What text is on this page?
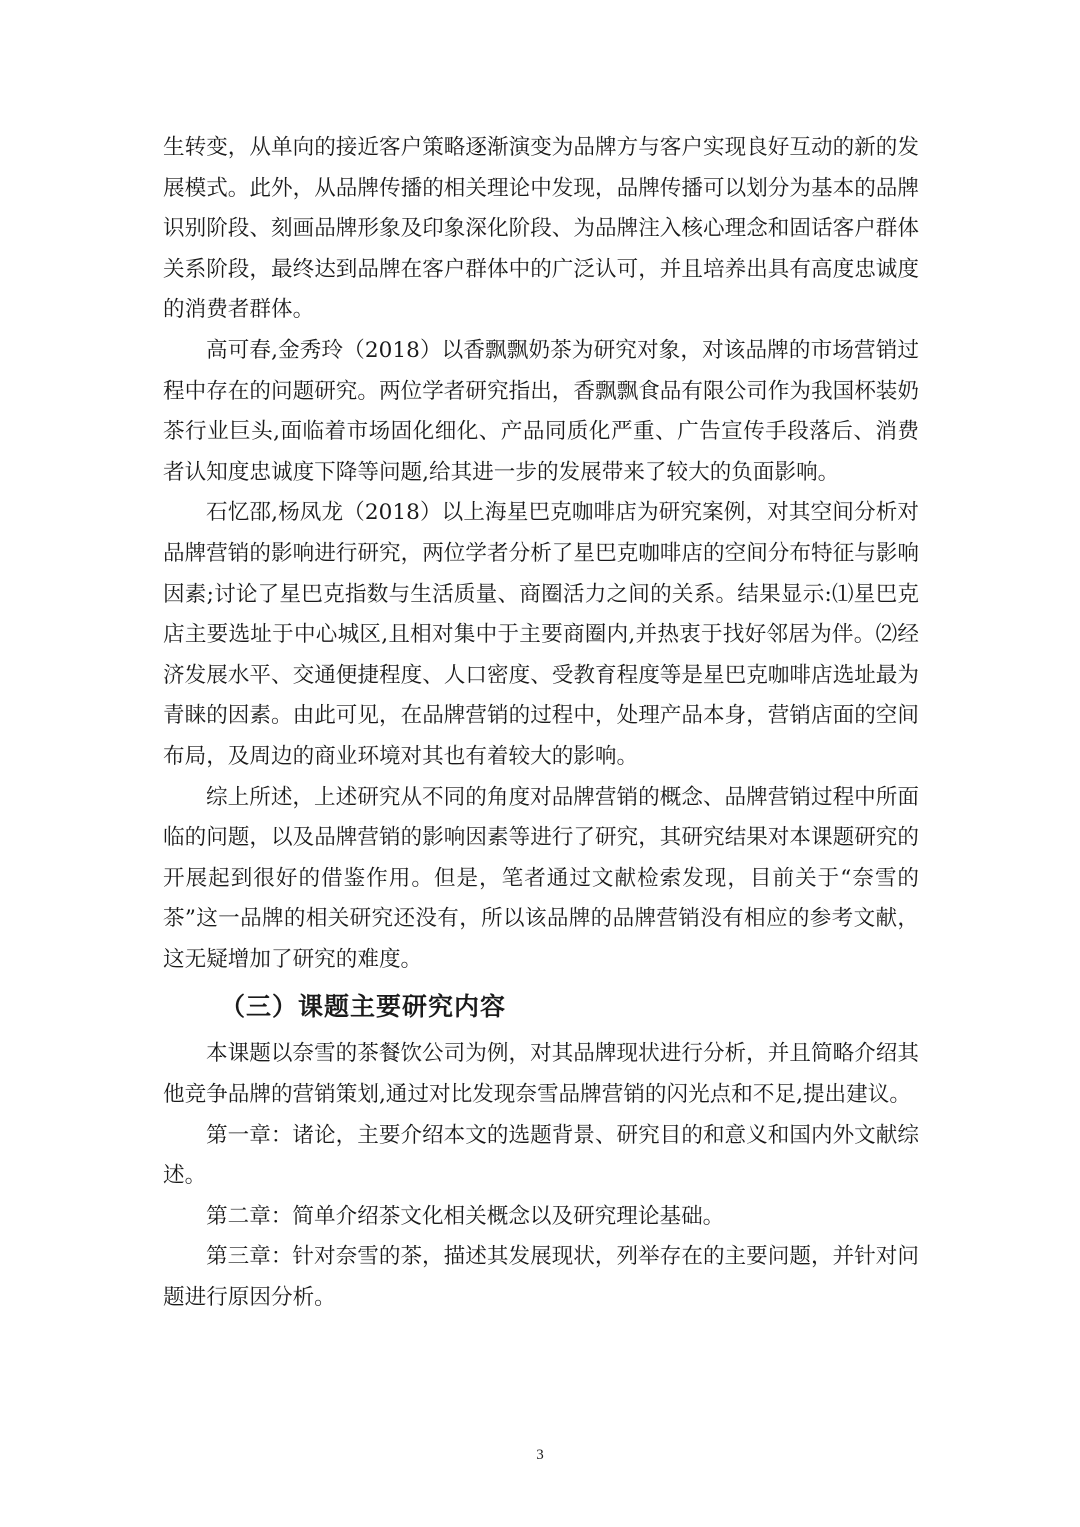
生转变，从单向的接近客户策略逐渐演变为品牌方与客户实现良好互动的新的发展模式。此外，从品牌传播的相关理论中发现，品牌传播可以划分为基本的品牌识别阶段、刻画品牌形象及印象深化阶段、为品牌注入核心理念和固话客户群体关系阶段，最终达到品牌在客户群体中的广泛认可，并且培养出具有高度忠诚度的消费者群体。

高可春,金秀玲（2018）以香飘飘奶茶为研究对象，对该品牌的市场营销过程中存在的问题研究。两位学者研究指出，香飘飘食品有限公司作为我国杯装奶茶行业巨头,面临着市场固化细化、产品同质化严重、广告宣传手段落后、消费者认知度忠诚度下降等问题,给其进一步的发展带来了较大的负面影响。

石忆邵,杨凤龙（2018）以上海星巴克咖啡店为研究案例，对其空间分析对品牌营销的影响进行研究，两位学者分析了星巴克咖啡店的空间分布特征与影响因素;讨论了星巴克指数与生活质量、商圈活力之间的关系。结果显示:⑴星巴克店主要选址于中心城区,且相对集中于主要商圈内,并热衷于找好邻居为伴。⑵经济发展水平、交通便捷程度、人口密度、受教育程度等是星巴克咖啡店选址最为青睐的因素。由此可见，在品牌营销的过程中，处理产品本身，营销店面的空间布局，及周边的商业环境对其也有着较大的影响。

综上所述，上述研究从不同的角度对品牌营销的概念、品牌营销过程中所面临的问题，以及品牌营销的影响因素等进行了研究，其研究结果对本课题研究的开展起到很好的借鉴作用。但是，笔者通过文献检索发现，目前关于“奈雪的茶”这一品牌的相关研究还没有，所以该品牌的品牌营销没有相应的参考文献，这无疑增加了研究的难度。

（三）课题主要研究内容

本课题以奈雪的茶餐饮公司为例，对其品牌现状进行分析，并且简略介绍其他竞争品牌的营销策划,通过对比发现奈雪品牌营销的闪光点和不足,提出建议。

第一章：诸论，主要介绍本文的选题背景、研究目的和意义和国内外文献综述。

第二章：简单介绍茶文化相关概念以及研究理论基础。

第三章：针对奈雪的茶，描述其发展现状，列举存在的主要问题，并针对问题进行原因分析。

3
